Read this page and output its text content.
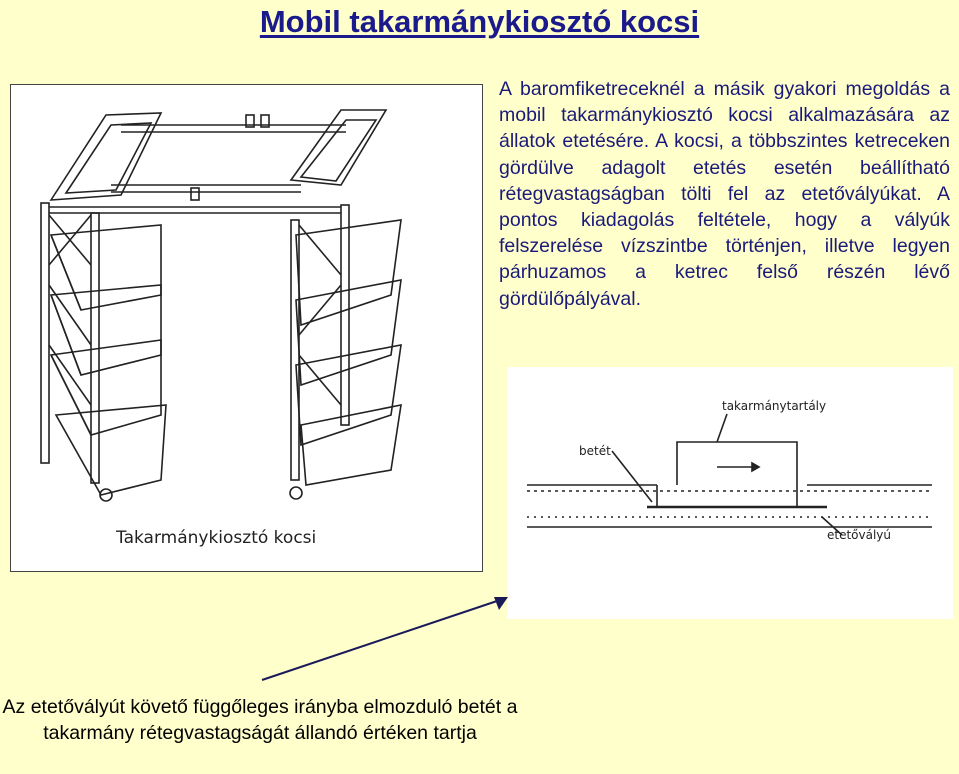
Mobil takarmánykiosztó kocsi
Takarmánykiosztó kocsi
A baromfiketreceknél a másik gyakori megoldás a mobil takarmánykiosztó kocsi alkalmazására az állatok etetésére. A kocsi, a többszintes ketreceken gördülve adagolt etetés esetén beállítható rétegvastagságban tölti fel az etetővályúkat. A pontos kiadagolás feltétele, hogy a vályúk felszerelése vízszintbe történjen, illetve legyen párhuzamos a ketrec felső részén lévő gördülőpályával.
takarmánytartály
betét
etetővályú
Az etetővályút követő függőleges irányba elmozduló betét a takarmány rétegvastagságát állandó értéken tartja
